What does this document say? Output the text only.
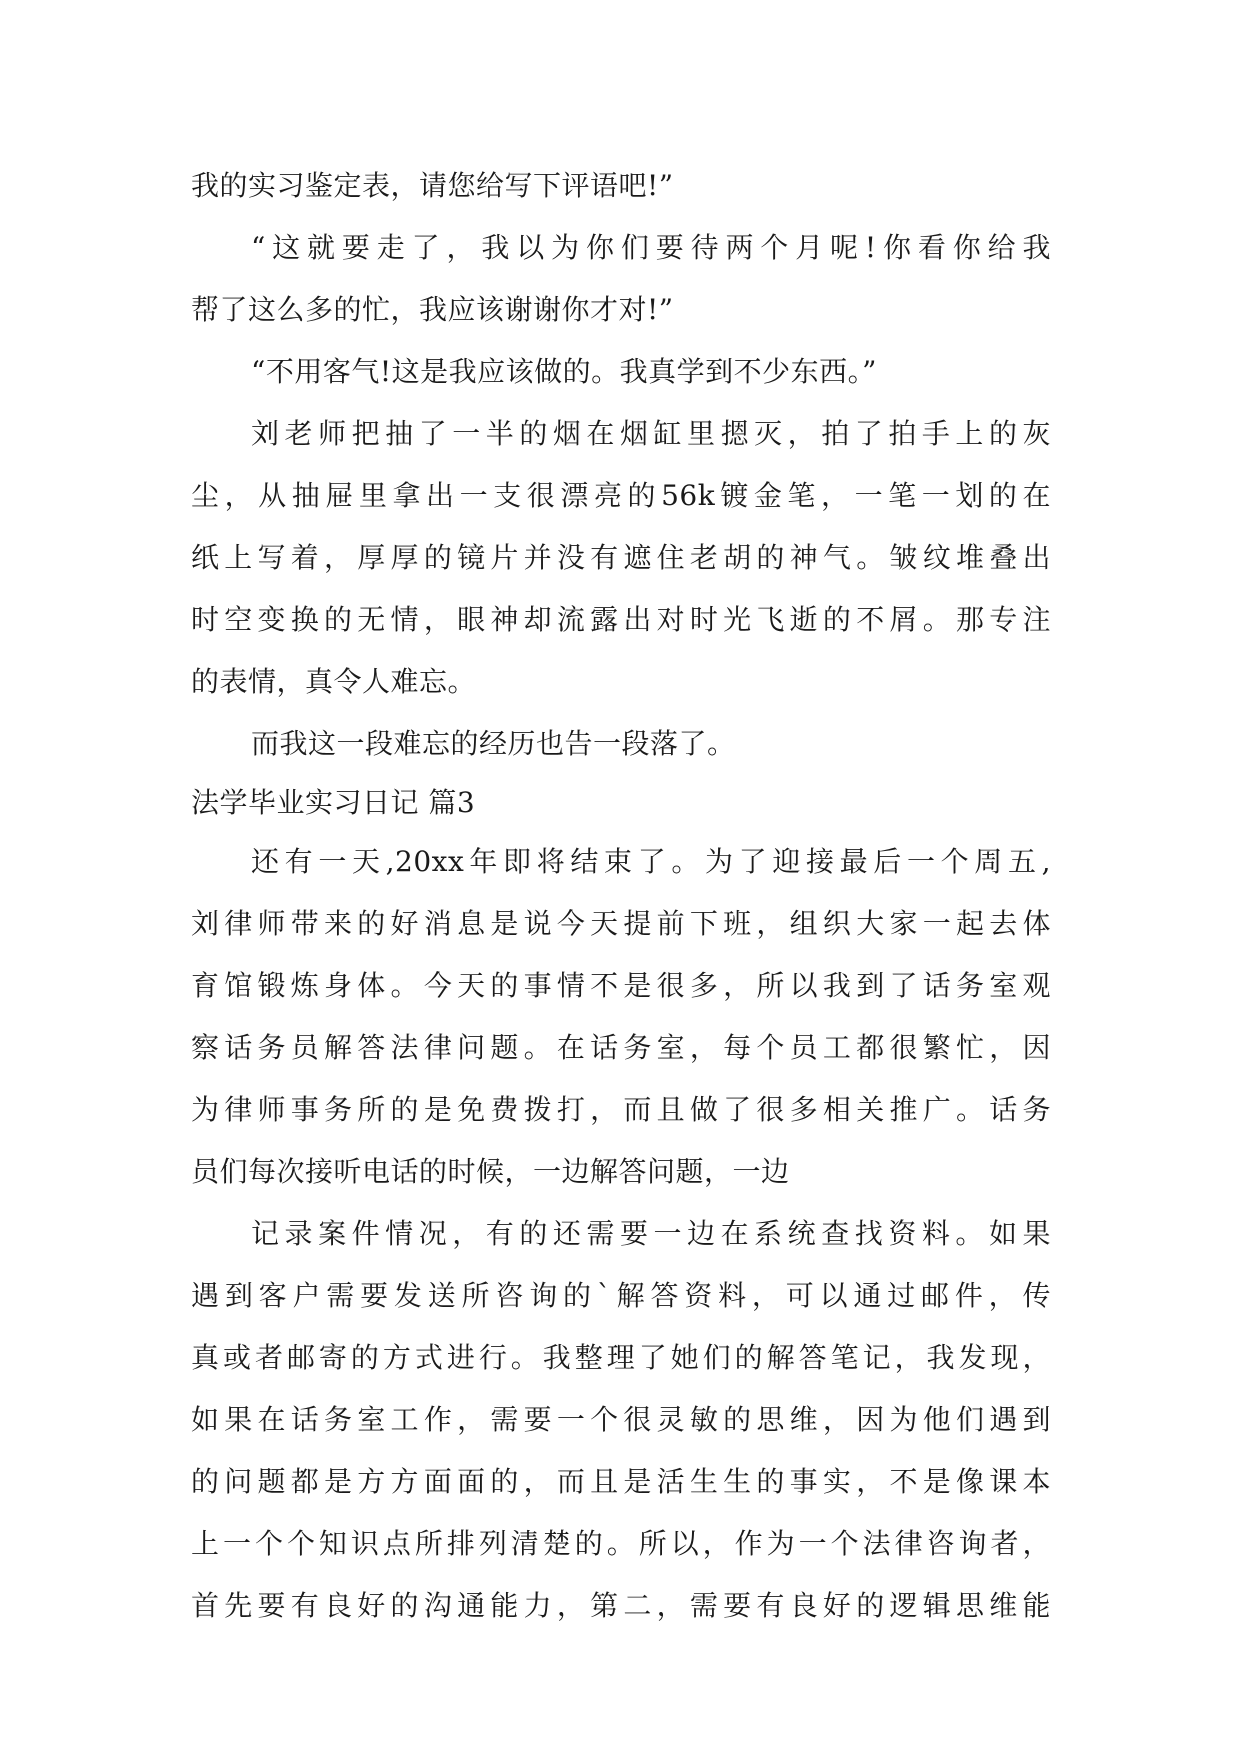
我的实习鉴定表，请您给写下评语吧!”
“这就要走了，我以为你们要待两个月呢!你看你给我
帮了这么多的忙，我应该谢谢你才对!”
“不用客气!这是我应该做的。我真学到不少东西。”
刘老师把抽了一半的烟在烟缸里摁灭，拍了拍手上的灰
尘，从抽屉里拿出一支很漂亮的56k镀金笔，一笔一划的在
纸上写着，厚厚的镜片并没有遮住老胡的神气。皱纹堆叠出
时空变换的无情，眼神却流露出对时光飞逝的不屑。那专注
的表情，真令人难忘。
而我这一段难忘的经历也告一段落了。
法学毕业实习日记 篇3
还有一天,20xx年即将结束了。为了迎接最后一个周五,
刘律师带来的好消息是说今天提前下班，组织大家一起去体
育馆锻炼身体。今天的事情不是很多，所以我到了话务室观
察话务员解答法律问题。在话务室，每个员工都很繁忙，因
为律师事务所的是免费拨打，而且做了很多相关推广。话务
员们每次接听电话的时候，一边解答问题，一边
记录案件情况，有的还需要一边在系统查找资料。如果
遇到客户需要发送所咨询的`解答资料，可以通过邮件，传
真或者邮寄的方式进行。我整理了她们的解答笔记，我发现，
如果在话务室工作，需要一个很灵敏的思维，因为他们遇到
的问题都是方方面面的，而且是活生生的事实，不是像课本
上一个个知识点所排列清楚的。所以，作为一个法律咨询者，
首先要有良好的沟通能力，第二，需要有良好的逻辑思维能
